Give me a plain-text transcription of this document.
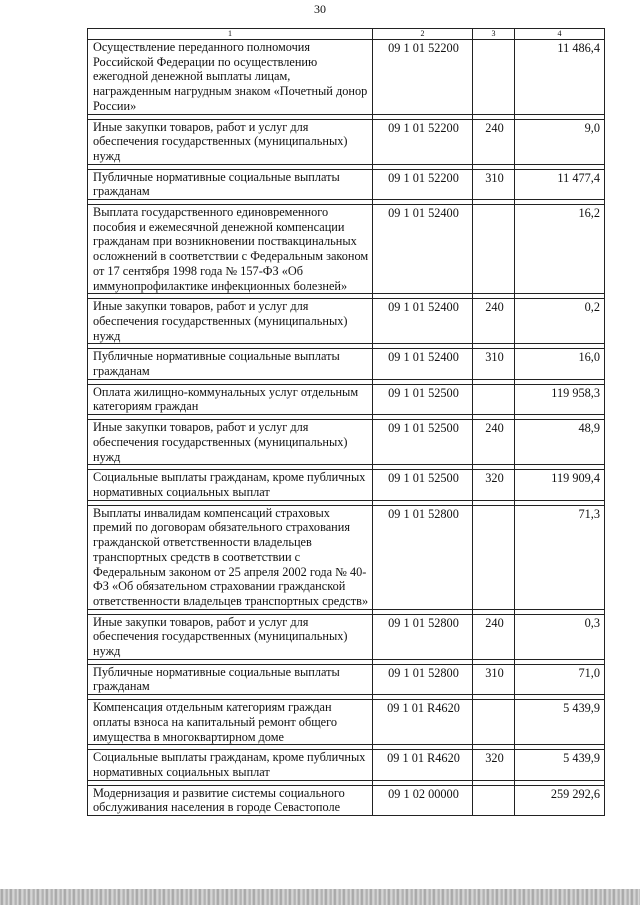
30
1	2	3	4
Осуществление переданного полномочия Российской Федерации по осуществлению ежегодной денежной выплаты лицам, награжденным нагрудным знаком «Почетный донор России»	09 1 01 52200		11 486,4

Иные закупки товаров, работ и услуг для обеспечения государственных (муниципальных) нужд	09 1 01 52200	240	9,0

Публичные нормативные социальные выплаты гражданам	09 1 01 52200	310	11 477,4

Выплата государственного единовременного пособия и ежемесячной денежной компенсации гражданам при возникновении поствакцинальных осложнений в соответствии с Федеральным законом от 17 сентября 1998 года № 157-ФЗ «Об иммунопрофилактике инфекционных болезней»	09 1 01 52400		16,2

Иные закупки товаров, работ и услуг для обеспечения государственных (муниципальных) нужд	09 1 01 52400	240	0,2

Публичные нормативные социальные выплаты гражданам	09 1 01 52400	310	16,0

Оплата жилищно-коммунальных услуг отдельным категориям граждан	09 1 01 52500		119 958,3

Иные закупки товаров, работ и услуг для обеспечения государственных (муниципальных) нужд	09 1 01 52500	240	48,9

Социальные выплаты гражданам, кроме публичных нормативных социальных выплат	09 1 01 52500	320	119 909,4

Выплаты инвалидам компенсаций страховых премий по договорам обязательного страхования гражданской ответственности владельцев транспортных средств в соответствии с Федеральным законом от 25 апреля 2002 года № 40-ФЗ «Об обязательном страховании гражданской ответственности владельцев транспортных средств»	09 1 01 52800		71,3

Иные закупки товаров, работ и услуг для обеспечения государственных (муниципальных) нужд	09 1 01 52800	240	0,3

Публичные нормативные социальные выплаты гражданам	09 1 01 52800	310	71,0

Компенсация отдельным категориям граждан оплаты взноса на капитальный ремонт общего имущества в многоквартирном доме	09 1 01 R4620		5 439,9

Социальные выплаты гражданам, кроме публичных нормативных социальных выплат	09 1 01 R4620	320	5 439,9

Модернизация и развитие системы социального обслуживания населения в городе Севастополе	09 1 02 00000		259 292,6
